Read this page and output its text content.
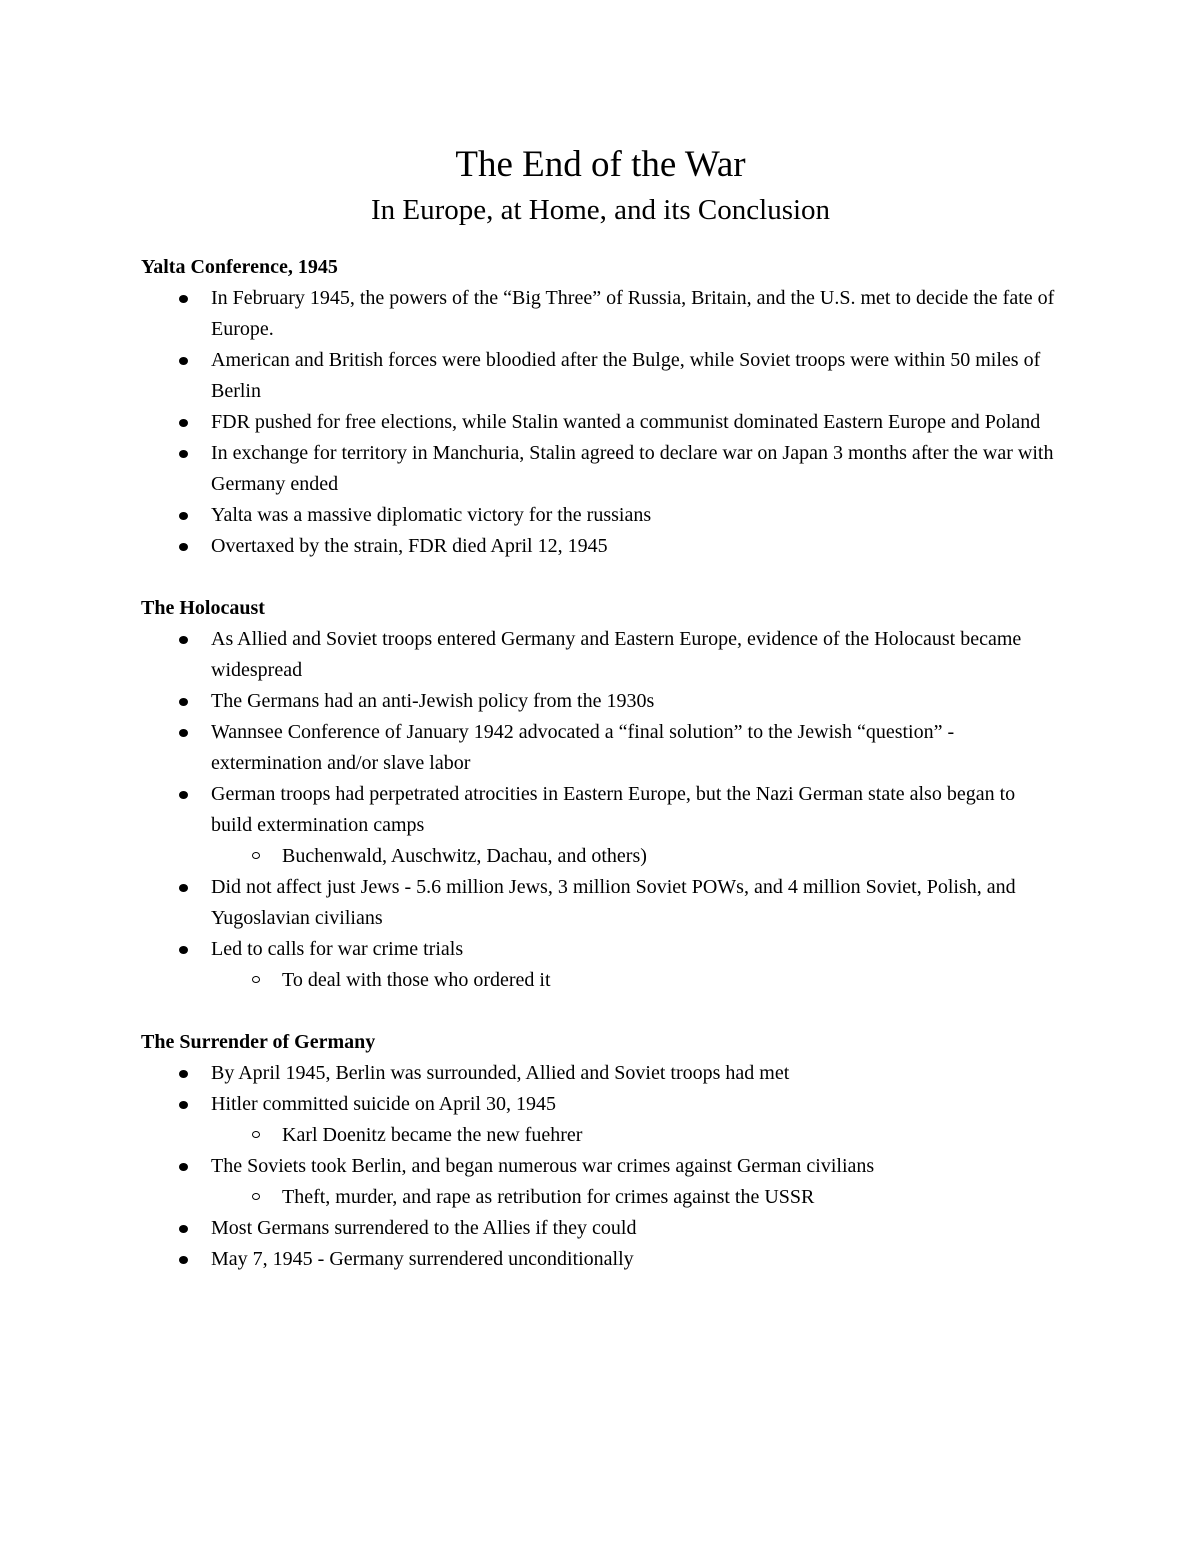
The End of the War
In Europe, at Home, and its Conclusion

Yalta Conference, 1945

In February 1945, the powers of the “Big Three” of Russia, Britain, and the U.S. met to decide the fate of Europe.
American and British forces were bloodied after the Bulge, while Soviet troops were within 50 miles of Berlin
FDR pushed for free elections, while Stalin wanted a communist dominated Eastern Europe and Poland
In exchange for territory in Manchuria, Stalin agreed to declare war on Japan 3 months after the war with Germany ended
Yalta was a massive diplomatic victory for the russians
Overtaxed by the strain, FDR died April 12, 1945

The Holocaust

As Allied and Soviet troops entered Germany and Eastern Europe, evidence of the Holocaust became widespread
The Germans had an anti-Jewish policy from the 1930s
Wannsee Conference of January 1942 advocated a “final solution” to the Jewish “question” - extermination and/or slave labor
German troops had perpetrated atrocities in Eastern Europe, but the Nazi German state also began to build extermination camps
Buchenwald, Auschwitz, Dachau, and others)
Did not affect just Jews - 5.6 million Jews, 3 million Soviet POWs, and 4 million Soviet, Polish, and Yugoslavian civilians
Led to calls for war crime trials
To deal with those who ordered it

The Surrender of Germany

By April 1945, Berlin was surrounded, Allied and Soviet troops had met
Hitler committed suicide on April 30, 1945
Karl Doenitz became the new fuehrer
The Soviets took Berlin, and began numerous war crimes against German civilians
Theft, murder, and rape as retribution for crimes against the USSR
Most Germans surrendered to the Allies if they could
May 7, 1945 - Germany surrendered unconditionally
